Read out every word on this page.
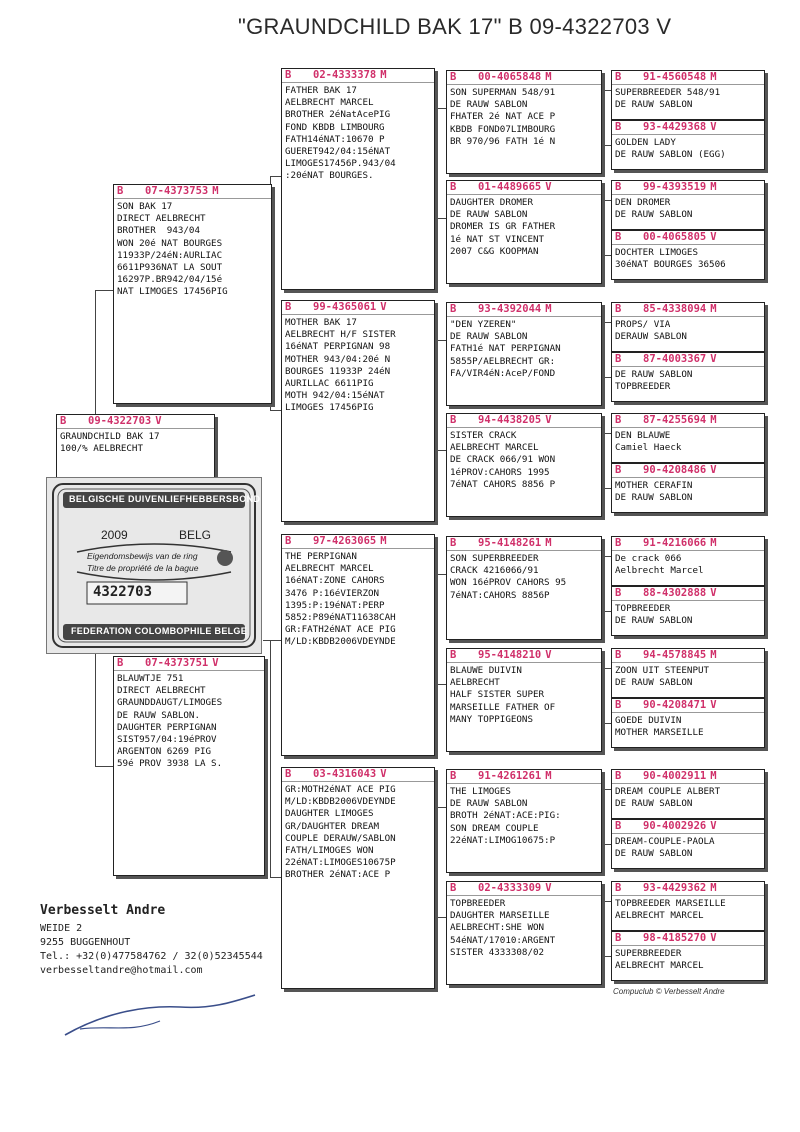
"GRAUNDCHILD BAK 17" B 09-4322703 V
B 09-4322703 V
GRAUNDCHILD BAK 17
100/% AELBRECHT
B 07-4373753 M
SON BAK 17
DIRECT AELBRECHT
BROTHER  943/04
WON 20é NAT BOURGES
11933P/24éN:AURLIAC
6611P936NAT LA SOUT
16297P.BR942/04/15é
NAT LIMOGES 17456PIG
B 07-4373751 V
BLAUWTJE 751
DIRECT AELBRECHT
GRAUNDDAUGT/LIMOGES
DE RAUW SABLON.
DAUGHTER PERPIGNAN
SIST957/04:19éPROV
ARGENTON 6269 PIG
59é PROV 3938 LA S.
B 02-4333378 M
FATHER BAK 17
AELBRECHT MARCEL
BROTHER 2éNatAcePIG
FOND KBDB LIMBOURG
FATH14éNAT:10670 P
GUERET942/04:15éNAT
LIMOGES17456P.943/04
:20éNAT BOURGES.
B 99-4365061 V
MOTHER BAK 17
AELBRECHT H/F SISTER
16éNAT PERPIGNAN 98
MOTHER 943/04:20é N
BOURGES 11933P 24éN
AURILLAC 6611PIG
MOTH 942/04:15éNAT
LIMOGES 17456PIG
B 97-4263065 M
THE PERPIGNAN
AELBRECHT MARCEL
16éNAT:ZONE CAHORS
3476 P:16éVIERZON
1395:P:19éNAT:PERP
5852:P89éNAT11638CAH
GR:FATH2éNAT ACE PIG
M/LD:KBDB2006VDEYNDE
B 03-4316043 V
GR:MOTH2éNAT ACE PIG
M/LD:KBDB2006VDEYNDE
DAUGHTER LIMOGES
GR/DAUGHTER DREAM
COUPLE DERAUW/SABLON
FATH/LIMOGES WON
22éNAT:LIMOGES10675P
BROTHER 2éNAT:ACE P
B 00-4065848 M
SON SUPERMAN 548/91
DE RAUW SABLON
FHATER 2é NAT ACE P
KBDB FOND07LIMBOURG
BR 970/96 FATH 1é N
B 01-4489665 V
DAUGHTER DROMER
DE RAUW SABLON
DROMER IS GR FATHER
1é NAT ST VINCENT
2007 C&G KOOPMAN
B 93-4392044 M
"DEN YZEREN"
DE RAUW SABLON
FATH1é NAT PERPIGNAN
5855P/AELBRECHT GR:
FA/VIR4éN:AceP/FOND
B 94-4438205 V
SISTER CRACK
AELBRECHT MARCEL
DE CRACK 066/91 WON
1éPROV:CAHORS 1995
7éNAT CAHORS 8856 P
B 95-4148261 M
SON SUPERBREEDER
CRACK 4216066/91
WON 16éPROV CAHORS 95
7éNAT:CAHORS 8856P
B 95-4148210 V
BLAUWE DUIVIN
AELBRECHT
HALF SISTER SUPER
MARSEILLE FATHER OF
MANY TOPPIGEONS
B 91-4261261 M
THE LIMOGES
DE RAUW SABLON
BROTH 2éNAT:ACE:PIG:
SON DREAM COUPLE
22éNAT:LIMOG10675:P
B 02-4333309 V
TOPBREEDER
DAUGHTER MARSEILLE
AELBRECHT:SHE WON
54éNAT/17010:ARGENT
SISTER 4333308/02
B 91-4560548 M
SUPERBREEDER 548/91
DE RAUW SABLON
B 93-4429368 V
GOLDEN LADY
DE RAUW SABLON (EGG)
B 99-4393519 M
DEN DROMER
DE RAUW SABLON
B 00-4065805 V
DOCHTER LIMOGES
30éNAT BOURGES 36506
B 85-4338094 M
PROPS/ VIA
DERAUW SABLON
B 87-4003367 V
DE RAUW SABLON
TOPBREEDER
B 87-4255694 M
DEN BLAUWE
Camiel Haeck
B 90-4208486 V
MOTHER CERAFIN
DE RAUW SABLON
B 91-4216066 M
De crack 066
Aelbrecht Marcel
B 88-4302888 V
TOPBREEDER
DE RAUW SABLON
B 94-4578845 M
ZOON UIT STEENPUT
DE RAUW SABLON
B 90-4208471 V
GOEDE DUIVIN
MOTHER MARSEILLE
B 90-4002911 M
DREAM COUPLE ALBERT
DE RAUW SABLON
B 90-4002926 V
DREAM-COUPLE-PAOLA
DE RAUW SABLON
B 93-4429362 M
TOPBREEDER MARSEILLE
AELBRECHT MARCEL
B 98-4185270 V
SUPERBREEDER
AELBRECHT MARCEL
BELGISCHE DUIVENLIEFHEBBERSBOND
2009	BELG
Eigendomsbewijs van de ring
Titre de propriété de la bague
4322703
FEDERATION COLOMBOPHILE BELGE
Verbesselt Andre
WEIDE 2
9255 BUGGENHOUT
Tel.: +32(0)477584762 / 32(0)52345544
verbesseltandre@hotmail.com
Compuclub © Verbesselt Andre
